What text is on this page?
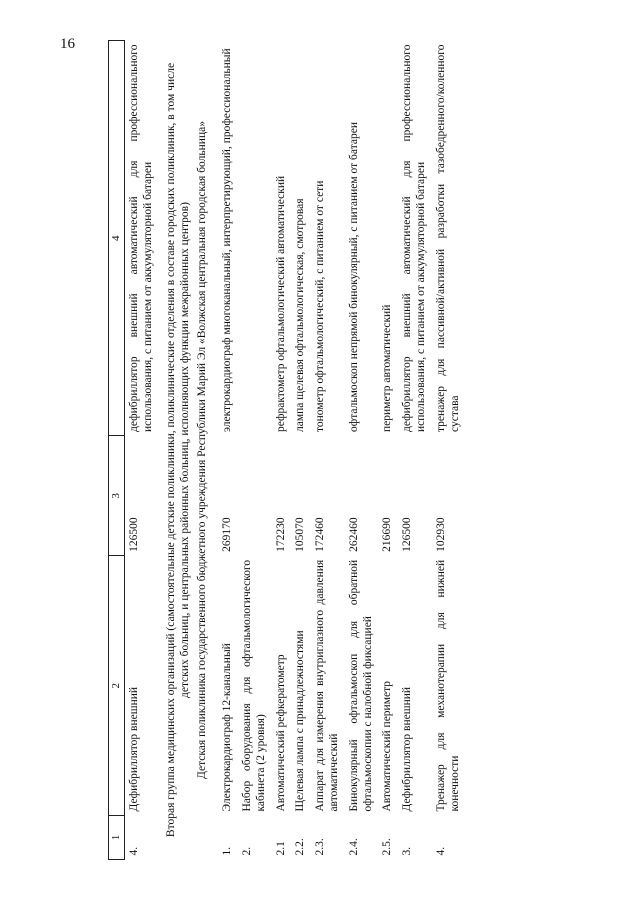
16
1	2	3	4
4.	Дефибриллятор внешний	126500	дефибриллятор внешний автоматический для профессионального использования, с питанием от аккумуляторной батареи
Вторая группа медицинских организаций (самостоятельные детские поликлиники, поликлинические отделения в составе городских поликлиник, в том числе детских больниц, и центральных районных больниц, исполняющих функции межрайонных центров)			
Детская поликлиника государственного бюджетного учреждения Республики Марий Эл «Волжская центральная городская больница»			
1.	Электрокардиограф 12-канальный	269170	электрокардиограф многоканальный, интерпретирующий, профессиональный
2.	Набор оборудования для офтальмологического кабинета (2 уровня)		
2.1	Автоматический рефкератометр	172230	рефрактометр офтальмологический автоматический
2.2.	Щелевая лампа с принадлежностями	105070	лампа щелевая офтальмологическая, смотровая
2.3.	Аппарат для измерения внутриглазного давления автоматический	172460	тонометр офтальмологический, с питанием от сети
2.4.	Бинокулярный офтальмоскоп для обратной офтальмоскопии с налобной фиксацией	262460	офтальмоскоп непрямой бинокулярный, с питанием от батареи
2.5.	Автоматический периметр	216690	периметр автоматический
3.	Дефибриллятор внешний	126500	дефибриллятор внешний автоматический для профессионального использования, с питанием от аккумуляторной батареи
4.	Тренажер для механотерапии для нижней конечности	102930	тренажер для пассивной/активной разработки тазобедренного/коленного сустава
